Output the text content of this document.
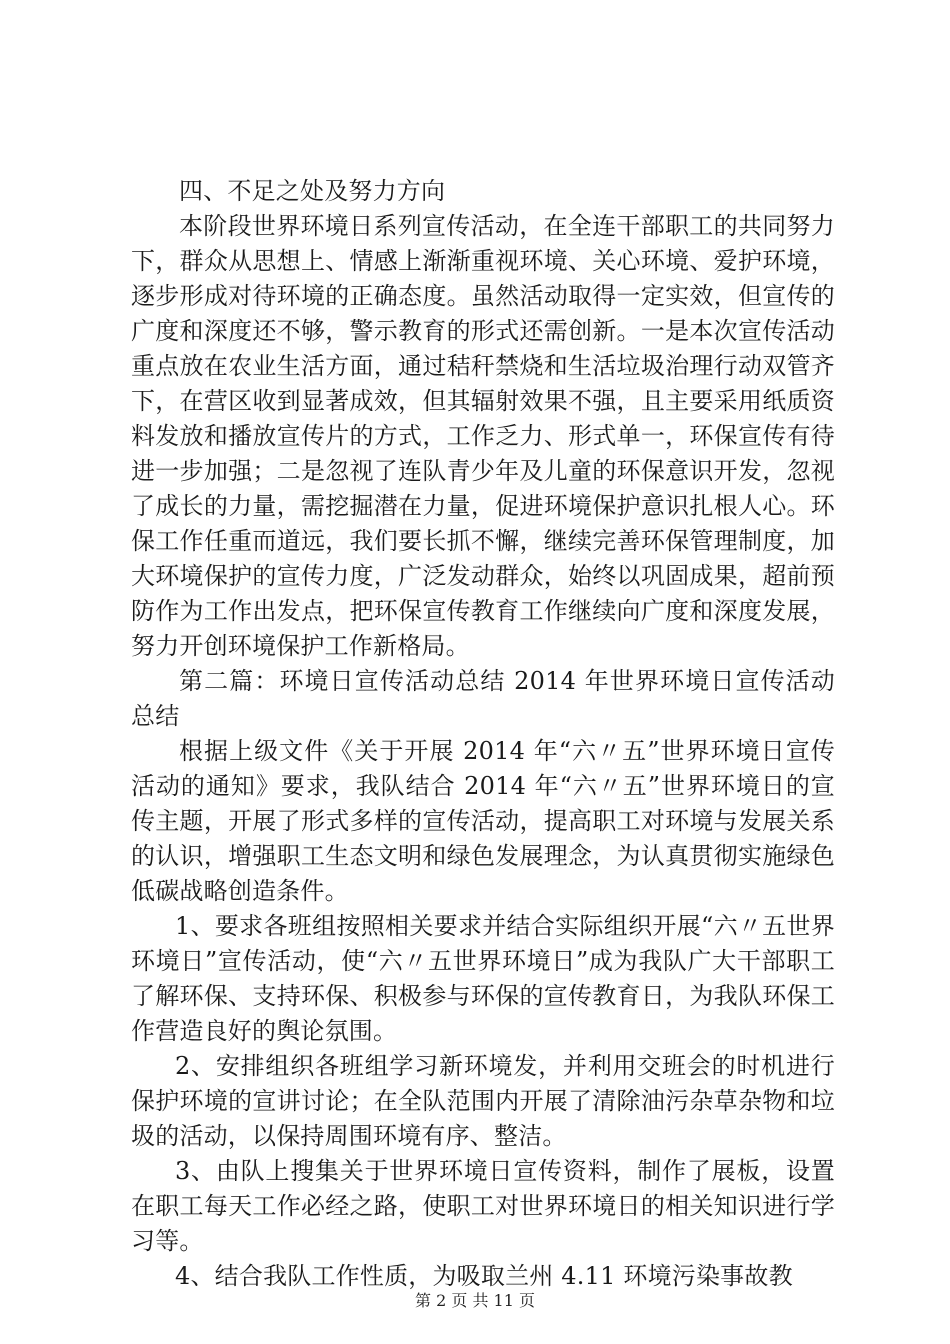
四、不足之处及努力方向

本阶段世界环境日系列宣传活动，在全连干部职工的共同努力下，群众从思想上、情感上渐渐重视环境、关心环境、爱护环境，逐步形成对待环境的正确态度。虽然活动取得一定实效，但宣传的广度和深度还不够，警示教育的形式还需创新。一是本次宣传活动重点放在农业生活方面，通过秸秆禁烧和生活垃圾治理行动双管齐下，在营区收到显著成效，但其辐射效果不强，且主要采用纸质资料发放和播放宣传片的方式，工作乏力、形式单一，环保宣传有待进一步加强；二是忽视了连队青少年及儿童的环保意识开发，忽视了成长的力量，需挖掘潜在力量，促进环境保护意识扎根人心。环保工作任重而道远，我们要长抓不懈，继续完善环保管理制度，加大环境保护的宣传力度，广泛发动群众，始终以巩固成果，超前预防作为工作出发点，把环保宣传教育工作继续向广度和深度发展，努力开创环境保护工作新格局。

第二篇：环境日宣传活动总结 2014 年世界环境日宣传活动总结

根据上级文件《关于开展 2014 年“六〃五”世界环境日宣传活动的通知》要求，我队结合 2014 年“六〃五”世界环境日的宣传主题，开展了形式多样的宣传活动，提高职工对环境与发展关系的认识，增强职工生态文明和绿色发展理念，为认真贯彻实施绿色低碳战略创造条件。

1、要求各班组按照相关要求并结合实际组织开展“六〃五世界环境日”宣传活动，使“六〃五世界环境日”成为我队广大干部职工了解环保、支持环保、积极参与环保的宣传教育日，为我队环保工作营造良好的舆论氛围。

2、安排组织各班组学习新环境发，并利用交班会的时机进行保护环境的宣讲讨论；在全队范围内开展了清除油污杂草杂物和垃圾的活动，以保持周围环境有序、整洁。

3、由队上搜集关于世界环境日宣传资料，制作了展板，设置在职工每天工作必经之路，使职工对世界环境日的相关知识进行学习等。

4、结合我队工作性质，为吸取兰州 4.11 环境污染事故教

第 2 页 共 11 页
